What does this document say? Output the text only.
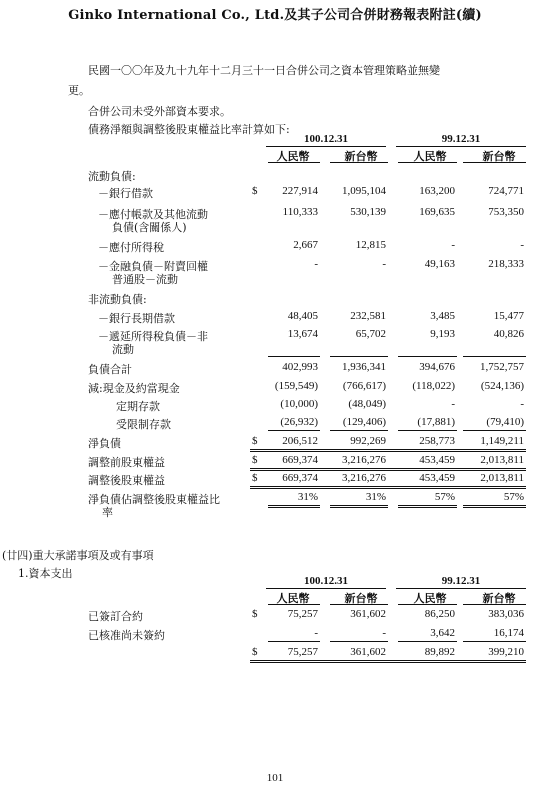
Ginko International Co., Ltd.及其子公司合併財務報表附註(續)
民國一〇〇年及九十九年十二月三十一日合併公司之資本管理策略並無變
更。
合併公司未受外部資本要求。
債務淨額與調整後股東權益比率計算如下:
100.12.31	99.12.31
人民幣	新台幣	人民幣	新台幣
流動負債:
－銀行借款	$	227,914	1,095,104	163,200	724,771
－應付帳款及其他流動	110,333	530,139	169,635	753,350
負債(含關係人)
－應付所得稅	2,667	12,815	-	-
－金融負債－附賣回權	-	-	49,163	218,333
普通股－流動
非流動負債:
－銀行長期借款	48,405	232,581	3,485	15,477
－遞延所得稅負債－非	13,674	65,702	9,193	40,826
流動
負債合計	402,993	1,936,341	394,676	1,752,757
減:現金及約當現金	(159,549)	(766,617)	(118,022)	(524,136)
定期存款	(10,000)	(48,049)	-	-
受限制存款	(26,932)	(129,406)	(17,881)	(79,410)
淨負債	$	206,512	992,269	258,773	1,149,211
調整前股東權益	$	669,374	3,216,276	453,459	2,013,811
調整後股東權益	$	669,374	3,216,276	453,459	2,013,811
淨負債佔調整後股東權益比	31%	31%	57%	57%
率
(廿四)重大承諾事項及或有事項
1.資本支出
100.12.31	99.12.31
人民幣	新台幣	人民幣	新台幣
已簽訂合約	$	75,257	361,602	86,250	383,036
已核准尚未簽約	-	-	3,642	16,174
$	75,257	361,602	89,892	399,210
101
